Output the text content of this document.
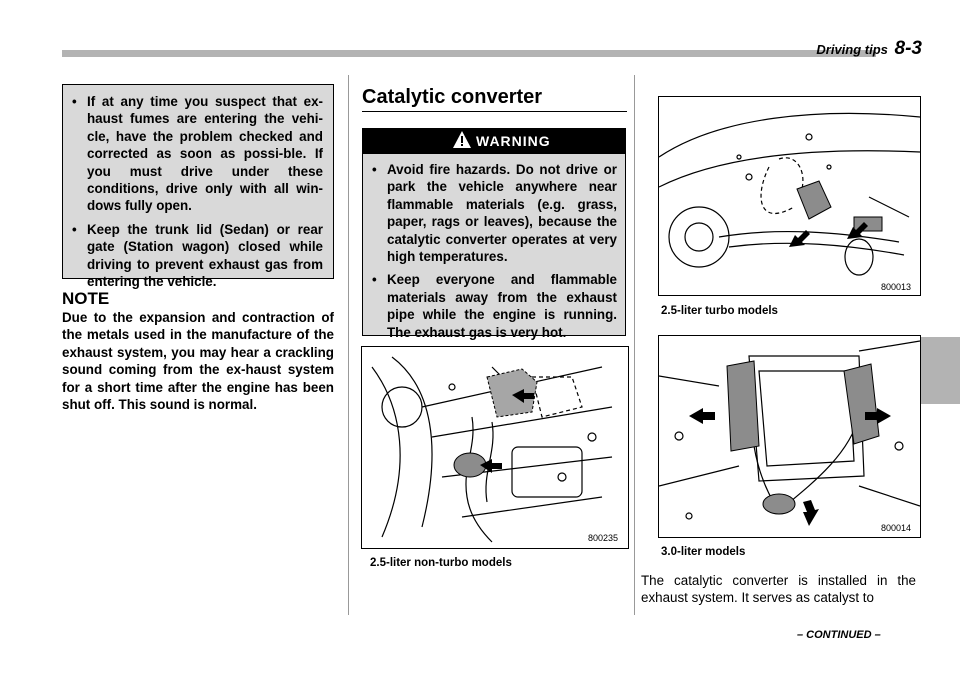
Driving tips 8-3
• If at any time you suspect that ex-haust fumes are entering the vehi-cle, have the problem checked and corrected as soon as possi-ble. If you must drive under these conditions, drive only with all win-dows fully open.
• Keep the trunk lid (Sedan) or rear gate (Station wagon) closed while driving to prevent exhaust gas from entering the vehicle.
NOTE

Due to the expansion and contraction of the metals used in the manufacture of the exhaust system, you may hear a crackling sound coming from the ex-haust system for a short time after the engine has been shut off. This sound is normal.

Catalytic converter
WARNING
• Avoid fire hazards. Do not drive or park the vehicle anywhere near flammable materials (e.g. grass, paper, rags or leaves), because the catalytic converter operates at very high temperatures.
• Keep everyone and flammable materials away from the exhaust pipe while the engine is running. The exhaust gas is very hot.
800235
2.5-liter non-turbo models
800013
2.5-liter turbo models
800014
3.0-liter models

The catalytic converter is installed in the exhaust system. It serves as catalyst to

– CONTINUED –
